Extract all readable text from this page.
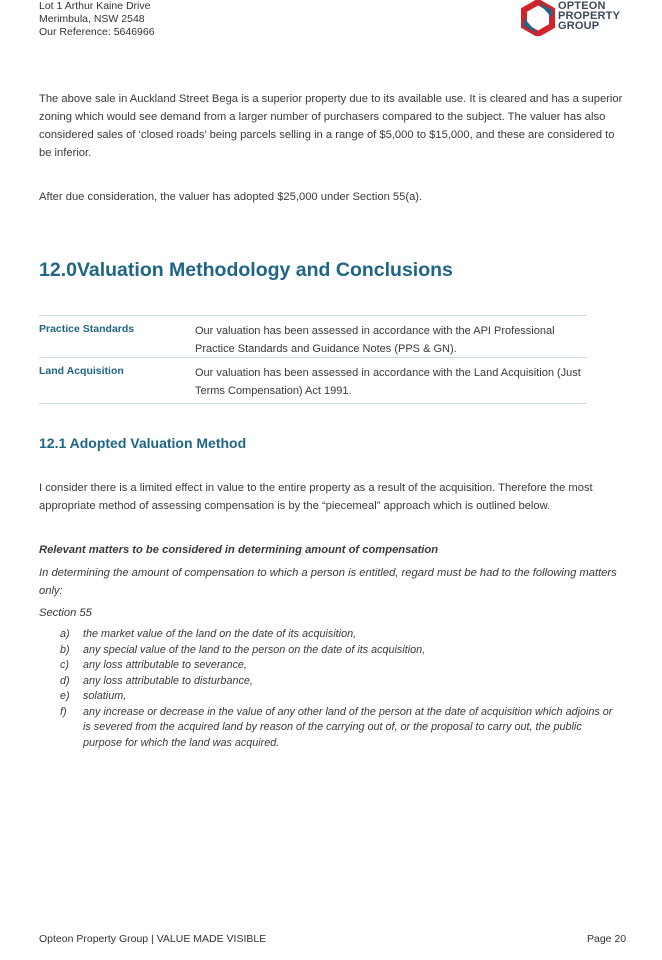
Lot 1 Arthur Kaine Drive
Merimbula, NSW 2548
Our Reference: 5646966
OPTEON
PROPERTY
GROUP
The above sale in Auckland Street Bega is a superior property due to its available use. It is cleared and has a superior zoning which would see demand from a larger number of purchasers compared to the subject. The valuer has also considered sales of ‘closed roads’ being parcels selling in a range of $5,000 to $15,000, and these are considered to be inferior.
After due consideration, the valuer has adopted $25,000 under Section 55(a).
12.0Valuation Methodology and Conclusions
Practice Standards	Our valuation has been assessed in accordance with the API Professional Practice Standards and Guidance Notes (PPS & GN).
Land Acquisition	Our valuation has been assessed in accordance with the Land Acquisition (Just Terms Compensation) Act 1991.
12.1 Adopted Valuation Method
I consider there is a limited effect in value to the entire property as a result of the acquisition. Therefore the most appropriate method of assessing compensation is by the “piecemeal” approach which is outlined below.
Relevant matters to be considered in determining amount of compensation
In determining the amount of compensation to which a person is entitled, regard must be had to the following matters only:
Section 55
a) the market value of the land on the date of its acquisition,
b) any special value of the land to the person on the date of its acquisition,
c) any loss attributable to severance,
d) any loss attributable to disturbance,
e) solatium,
f) any increase or decrease in the value of any other land of the person at the date of acquisition which adjoins or is severed from the acquired land by reason of the carrying out of, or the proposal to carry out, the public purpose for which the land was acquired.
Opteon Property Group | VALUE MADE VISIBLE	Page 20
